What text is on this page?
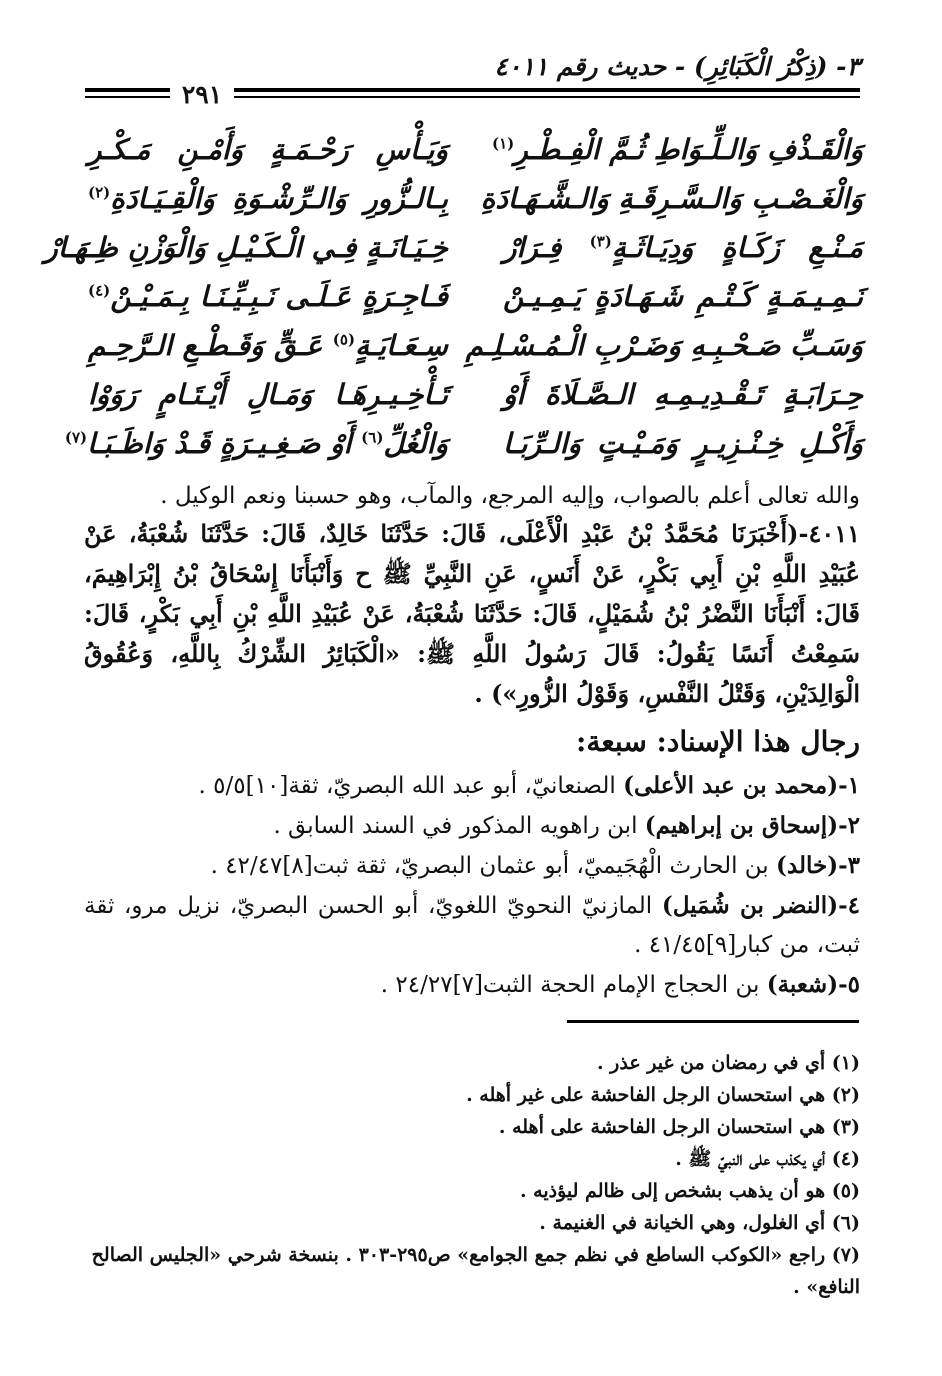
٣- (ذِكْرُ الْكَبَائِرِ) - حديث رقم ٤٠١١
٢٩١
وَالْقَـذْفِ وَالـلِّـوَاطِ ثُـمَّ الْفِـطْـرِ$^{(١)}$
وَيَـأْسِ رَحْـمَـةٍ وَأَمْـنِ مَـكْـرِ
وَالْغَـصْـبِ وَالـسَّـرِقَـةِ وَالـشَّـهَـادَةِ
بِـالـزُّورِ وَالـرِّشْـوَةِ وَالْقِـيَـادَةِ$^{(٢)}$
مَـنْـعِ زَكَـاةٍ وَدِيَـاثَـةٍ$^{(٣)}$ فِـرَارْ
خِـيَـانَـةٍ فِـي الْـكَـيْـلِ وَالْوَزْنِ ظِـهَـارْ
نَـمِـيـمَـةٍ كَـتْـمِ شَـهَـادَةٍ يَـمِـيـنْ
فَـاجِـرَةٍ عَـلَـى نَـبِـيِّـنَـا بِـمَـيْـنْ$^{(٤)}$
وَسَـبِّ صَـحْـبِـهِ وَضَـرْبِ الْـمُـسْـلِـمِ
سِـعَـايَـةٍ$^{(٥)}$ عَـقٍّ وَقَـطْـعِ الـرَّحِـمِ
حِـرَابَـةٍ تَـقْـدِيـمِـهِ الـصَّـلَاةَ أَوْ
تَـأْخِـيـرِهَـا وَمَـالِ أَيْـتَـامٍ رَوَوْا
وَأَكْـلِ خِـنْـزِيـرٍ وَمَـيْـتٍ وَالـرِّبَـا
وَالْغُلِّ$^{(٦)}$ أَوْ صَـغِـيـرَةٍ قَـدْ وَاظَـبَـا$^{(٧)}$

والله تعالى أعلم بالصواب، وإليه المرجع، والمآب، وهو حسبنا ونعم الوكيل .

٤٠١١-(أَخْبَرَنَا مُحَمَّدُ بْنُ عَبْدِ الْأَعْلَى، قَالَ: حَدَّثَنَا خَالِدٌ، قَالَ: حَدَّثَنَا شُعْبَةُ، عَنْ عُبَيْدِ اللَّهِ بْنِ أَبِي بَكْرٍ، عَنْ أَنَسٍ، عَنِ النَّبِيِّ ﷺ ح وَأَنْبَأَنَا إِسْحَاقُ بْنُ إِبْرَاهِيمَ، قَالَ: أَنْبَأَنَا النَّضْرُ بْنُ شُمَيْلٍ، قَالَ: حَدَّثَنَا شُعْبَةُ، عَنْ عُبَيْدِ اللَّهِ بْنِ أَبِي بَكْرٍ، قَالَ: سَمِعْتُ أَنَسًا يَقُولُ: قَالَ رَسُولُ اللَّهِ ﷺ: «الْكَبَائِرُ الشِّرْكُ بِاللَّهِ، وَعُقُوقُ الْوَالِدَيْنِ، وَقَتْلُ النَّفْسِ، وَقَوْلُ الزُّورِ») .

رجال هذا الإسناد: سبعة:

١-(محمد بن عبد الأعلى) الصنعانيّ، أبو عبد الله البصريّ، ثقة[١٠]٥/٥ .

٢-(إسحاق بن إبراهيم) ابن راهويه المذكور في السند السابق .

٣-(خالد) بن الحارث الْهُجَيميّ، أبو عثمان البصريّ، ثقة ثبت[٨]٤٢/٤٧ .

٤-(النضر بن شُمَيل) المازنيّ النحويّ اللغويّ، أبو الحسن البصريّ، نزيل مرو، ثقة ثبت، من كبار[٩]٤١/٤٥ .

٥-(شعبة) بن الحجاج الإمام الحجة الثبت[٧]٢٤/٢٧ .

(١) أي في رمضان من غير عذر .

(٢) هي استحسان الرجل الفاحشة على غير أهله .

(٣) هي استحسان الرجل الفاحشة على أهله .

(٤) أي يكذب على النبيّ ﷺ .

(٥) هو أن يذهب بشخص إلى ظالم ليؤذيه .

(٦) أي الغلول، وهي الخيانة في الغنيمة .

(٧) راجع «الكوكب الساطع في نظم جمع الجوامع» ص٢٩٥-٣٠٣ . بنسخة شرحي «الجليس الصالح النافع» .
